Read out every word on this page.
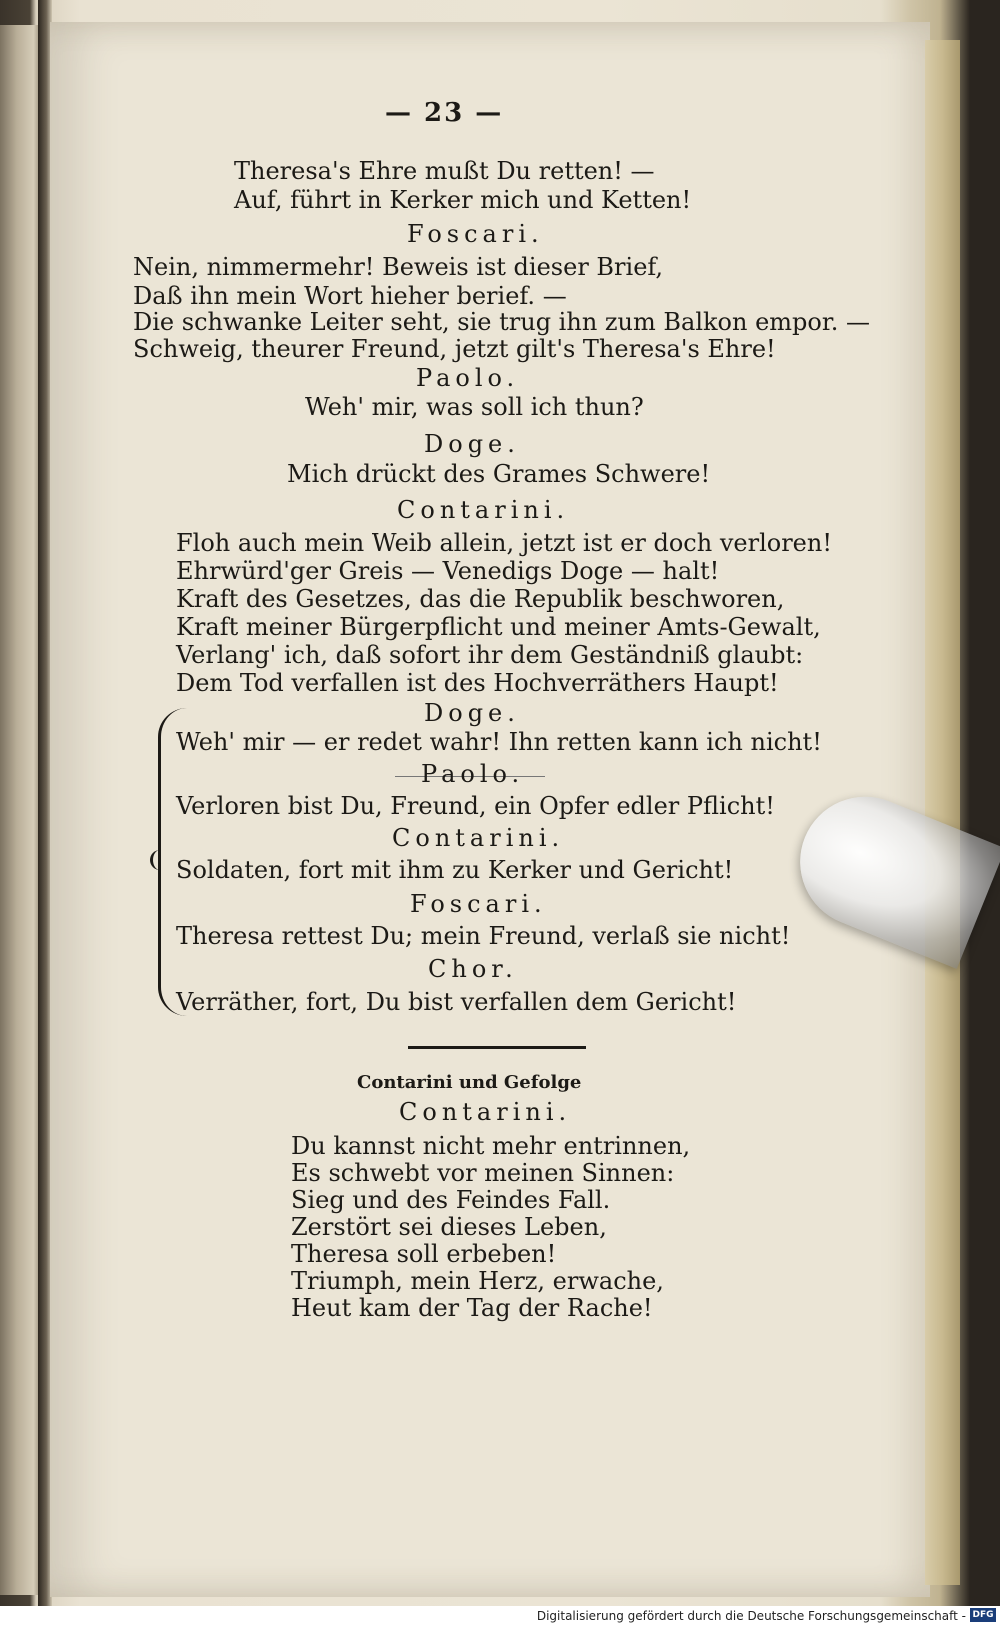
— 23 —
Theresa's Ehre mußt Du retten! —
Auf, führt in Kerker mich und Ketten!
Foscari.
Nein, nimmermehr! Beweis ist dieser Brief,
Daß ihn mein Wort hieher berief. —
Die schwanke Leiter seht, sie trug ihn zum Balkon empor. —
Schweig, theurer Freund, jetzt gilt's Theresa's Ehre!
Paolo.
Weh' mir, was soll ich thun?
Doge.
Mich drückt des Grames Schwere!
Contarini.
Floh auch mein Weib allein, jetzt ist er doch verloren!
Ehrwürd'ger Greis — Venedigs Doge — halt!
Kraft des Gesetzes, das die Republik beschworen,
Kraft meiner Bürgerpflicht und meiner Amts-Gewalt,
Verlang' ich, daß sofort ihr dem Geständniß glaubt:
Dem Tod verfallen ist des Hochverräthers Haupt!
Doge.
Weh' mir — er redet wahr! Ihn retten kann ich nicht!
Paolo.
Verloren bist Du, Freund, ein Opfer edler Pflicht!
Contarini.
Soldaten, fort mit ihm zu Kerker und Gericht!
Foscari.
Theresa rettest Du; mein Freund, verlaß sie nicht!
Chor.
Verräther, fort, Du bist verfallen dem Gericht!
Contarini und Gefolge
Contarini.
Du kannst nicht mehr entrinnen,
Es schwebt vor meinen Sinnen:
Sieg und des Feindes Fall.
Zerstört sei dieses Leben,
Theresa soll erbeben!
Triumph, mein Herz, erwache,
Heut kam der Tag der Rache!
Digitalisierung gefördert durch die Deutsche Forschungsgemeinschaft - DFG
